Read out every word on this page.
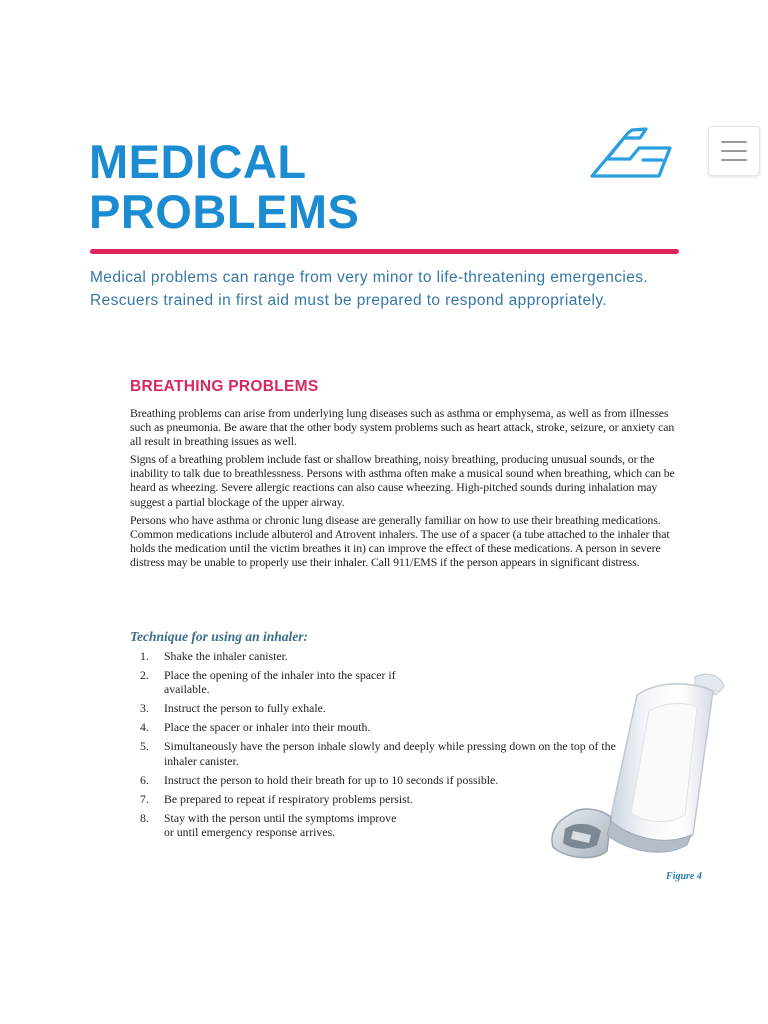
MEDICAL
PROBLEMS

Medical problems can range from very minor to life-threatening emergencies. Rescuers trained in first aid must be prepared to respond appropriately.

BREATHING PROBLEMS

Breathing problems can arise from underlying lung diseases such as asthma or emphysema, as well as from illnesses such as pneumonia. Be aware that the other body system problems such as heart attack, stroke, seizure, or anxiety can all result in breathing issues as well.

Signs of a breathing problem include fast or shallow breathing, noisy breathing, producing unusual sounds, or the inability to talk due to breathlessness. Persons with asthma often make a musical sound when breathing, which can be heard as wheezing. Severe allergic reactions can also cause wheezing. High-pitched sounds during inhalation may suggest a partial blockage of the upper airway.

Persons who have asthma or chronic lung disease are generally familiar on how to use their breathing medications. Common medications include albuterol and Atrovent inhalers. The use of a spacer (a tube attached to the inhaler that holds the medication until the victim breathes it in) can improve the effect of these medications. A person in severe distress may be unable to properly use their inhaler. Call 911/EMS if the person appears in significant distress.

Technique for using an inhaler:
1. Shake the inhaler canister.
2. Place the opening of the inhaler into the spacer if available.
3. Instruct the person to fully exhale.
4. Place the spacer or inhaler into their mouth.
5. Simultaneously have the person inhale slowly and deeply while pressing down on the top of the inhaler canister.
6. Instruct the person to hold their breath for up to 10 seconds if possible.
7. Be prepared to repeat if respiratory problems persist.
8. Stay with the person until the symptoms improve or until emergency response arrives.
Figure 4
